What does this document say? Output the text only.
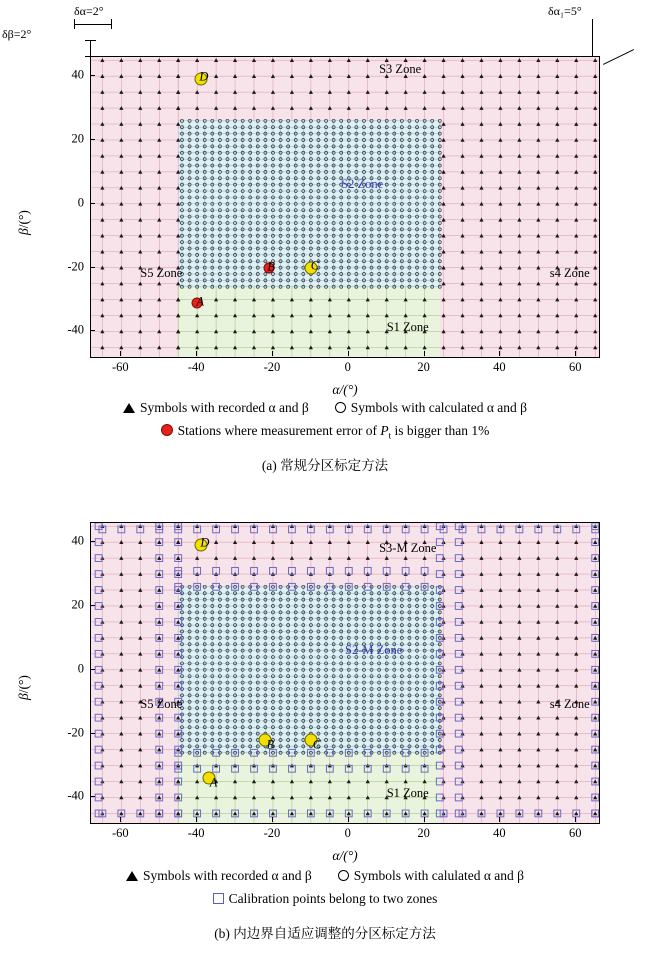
δα=2°
δβ=2°
δα₁=5°
S1 Zone
S2 Zone
S3 Zone
s4 Zone
S5 Zone
A
B	C
D
β/(°)
α/(°)
Symbols with recorded α and β	Symbols with calculated α and β
Stations where measurement error of $P_t$ is bigger than 1%
(a) 常规分区标定方法
-60	-40	-20	0	20	40	60
-40
-20
0
20
40
S1 Zone
S2-M Zone
S3-M Zone
s4 Zone
S5 Zone
A
B	C
D
β/(°)
α/(°)
Symbols with recorded α and β	Symbols with calulated α and β
Calibration points belong to two zones
(b) 内边界自适应调整的分区标定方法
-60	-40	-20	0	20	40	60
-40
-20
0
20
40
